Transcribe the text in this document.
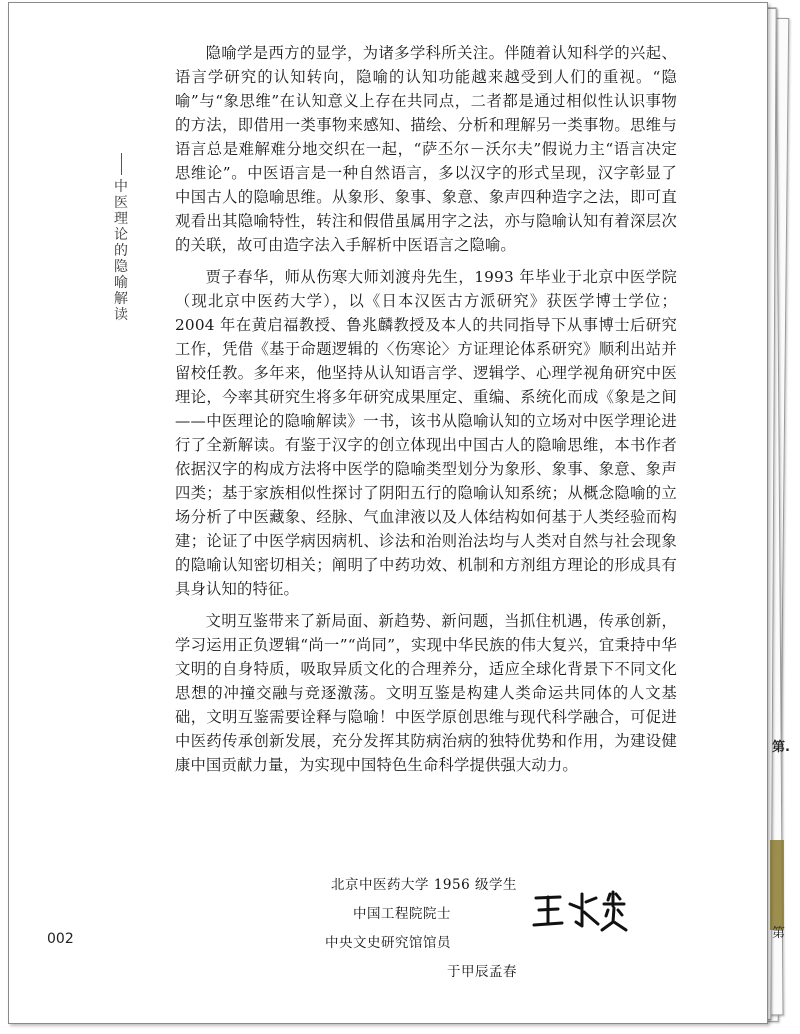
中医理论的隐喻解读

隐喻学是西方的显学，为诸多学科所关注。伴随着认知科学的兴起、语言学研究的认知转向，隐喻的认知功能越来越受到人们的重视。“隐喻”与“象思维”在认知意义上存在共同点，二者都是通过相似性认识事物的方法，即借用一类事物来感知、描绘、分析和理解另一类事物。思维与语言总是难解难分地交织在一起，“萨丕尔－沃尔夫”假说力主“语言决定思维论”。中医语言是一种自然语言，多以汉字的形式呈现，汉字彰显了中国古人的隐喻思维。从象形、象事、象意、象声四种造字之法，即可直观看出其隐喻特性，转注和假借虽属用字之法，亦与隐喻认知有着深层次的关联，故可由造字法入手解析中医语言之隐喻。

贾子春华，师从伤寒大师刘渡舟先生，1993 年毕业于北京中医学院（现北京中医药大学），以《日本汉医古方派研究》获医学博士学位；2004 年在黄启福教授、鲁兆麟教授及本人的共同指导下从事博士后研究工作，凭借《基于命题逻辑的〈伤寒论〉方证理论体系研究》顺利出站并留校任教。多年来，他坚持从认知语言学、逻辑学、心理学视角研究中医理论，今率其研究生将多年研究成果厘定、重编、系统化而成《象是之间——中医理论的隐喻解读》一书，该书从隐喻认知的立场对中医学理论进行了全新解读。有鉴于汉字的创立体现出中国古人的隐喻思维，本书作者依据汉字的构成方法将中医学的隐喻类型划分为象形、象事、象意、象声四类；基于家族相似性探讨了阴阳五行的隐喻认知系统；从概念隐喻的立场分析了中医藏象、经脉、气血津液以及人体结构如何基于人类经验而构建；论证了中医学病因病机、诊法和治则治法均与人类对自然与社会现象的隐喻认知密切相关；阐明了中药功效、机制和方剂组方理论的形成具有具身认知的特征。

文明互鉴带来了新局面、新趋势、新问题，当抓住机遇，传承创新，学习运用正负逻辑“尚一”“尚同”，实现中华民族的伟大复兴，宜秉持中华文明的自身特质，吸取异质文化的合理养分，适应全球化背景下不同文化思想的冲撞交融与竞逐激荡。文明互鉴是构建人类命运共同体的人文基础，文明互鉴需要诠释与隐喻！中医学原创思维与现代科学融合，可促进中医药传承创新发展，充分发挥其防病治病的独特优势和作用，为建设健康中国贡献力量，为实现中国特色生命科学提供强大动力。

北京中医药大学 1956 级学生
中国工程院院士
中央文史研究馆馆员
于甲辰孟春
002
第.
第
